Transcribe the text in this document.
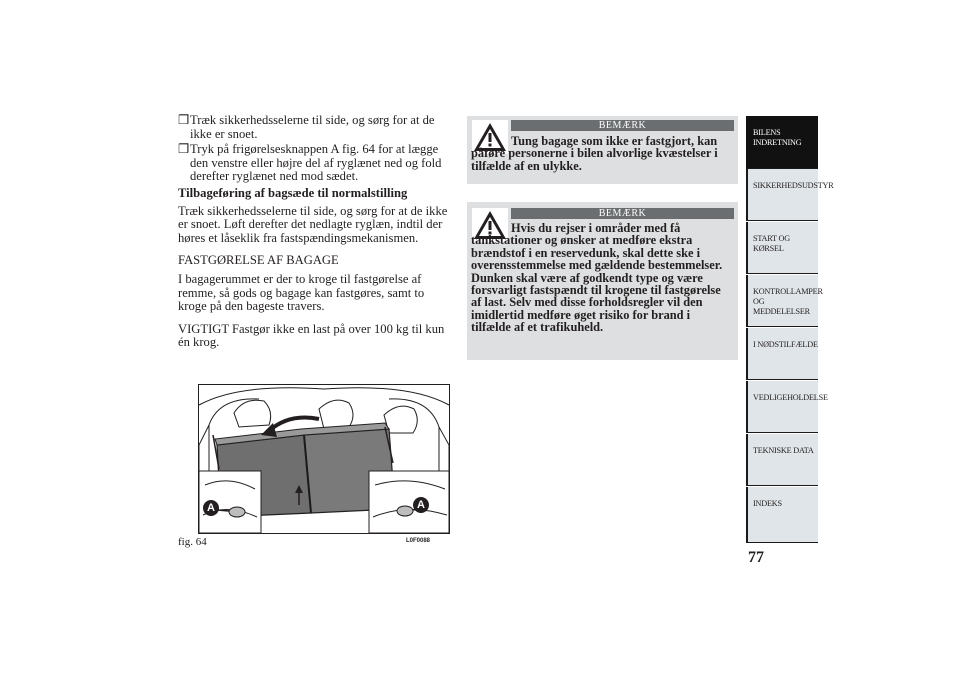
❒ Træk sikkerhedsselerne til side, og sørg for at de ikke er snoet.
❒ Tryk på frigørelsesknappen A fig. 64 for at lægge den venstre eller højre del af ryglænet ned og fold derefter ryglænet ned mod sædet.
Tilbageføring af bagsæde til normalstilling
Træk sikkerhedsselerne til side, og sørg for at de ikke er snoet. Løft derefter det nedlagte ryglæn, indtil der høres et låseklik fra fastspændingsmekanismen.
FASTGØRELSE AF BAGAGE
I bagagerummet er der to kroge til fastgørelse af remme, så gods og bagage kan fastgøres, samt to kroge på den bageste travers.
VIGTIGT Fastgør ikke en last på over 100 kg til kun én krog.
A	A
fig. 64	L0F0088
BEMÆRK
Tung bagage som ikke er fastgjort, kan påføre personerne i bilen alvorlige kvæstelser i tilfælde af en ulykke.
BEMÆRK
Hvis du rejser i områder med få tankstationer og ønsker at medføre ekstra brændstof i en reservedunk, skal dette ske i overensstemmelse med gældende bestemmelser. Dunken skal være af godkendt type og være forsvarligt fastspændt til krogene til fastgørelse af last. Selv med disse forholdsregler vil den imidlertid medføre øget risiko for brand i tilfælde af et trafikuheld.
BILENS INDRETNING
SIKKERHEDSUDSTYR
START OG KØRSEL
KONTROLLAMPER OG MEDDELELSER
I NØDSTILFÆLDE
VEDLIGEHOLDELSE
TEKNISKE DATA
INDEKS
77
